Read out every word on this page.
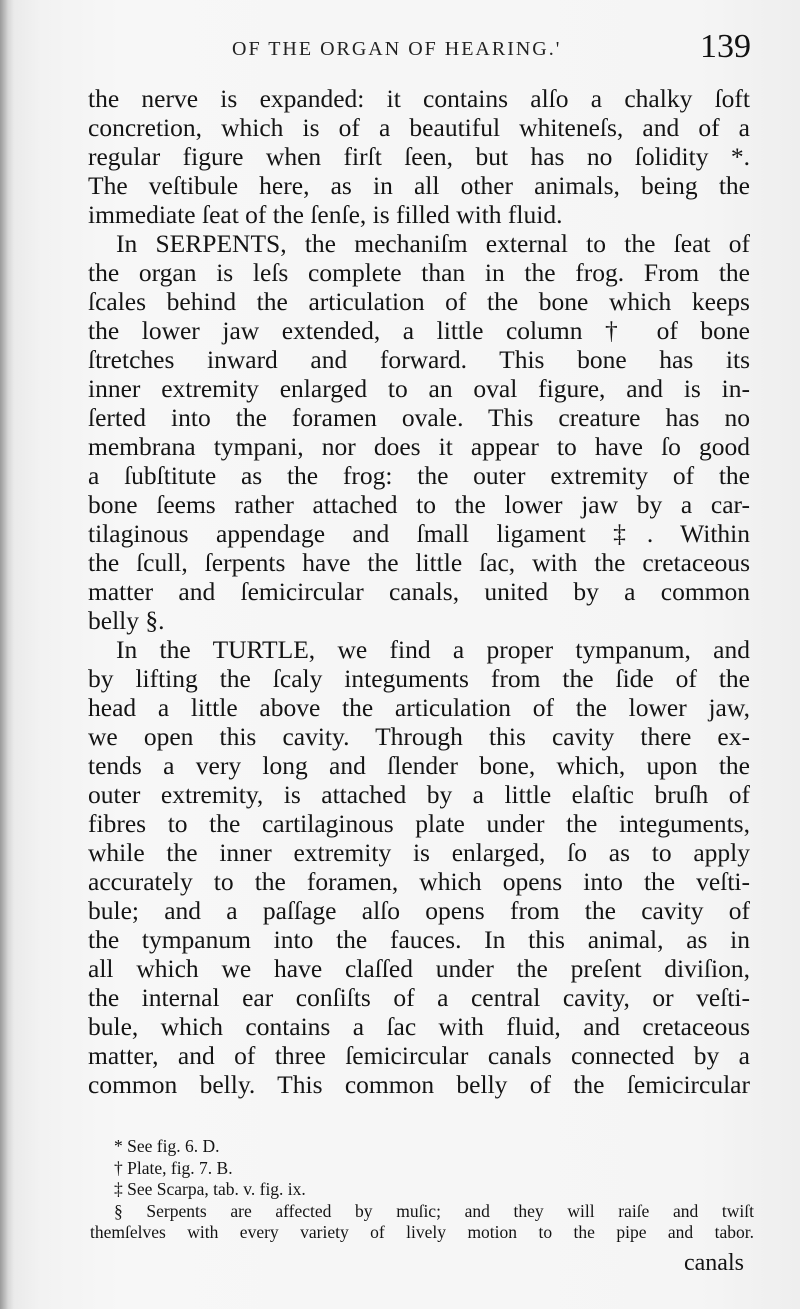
OF THE ORGAN OF HEARING.'	139
the nerve is expanded: it contains alſo a chalky ſoft
concretion, which is of a beautiful whiteneſs, and of a
regular figure when firſt ſeen, but has no ſolidity *.
The veſtibule here, as in all other animals, being the
immediate ſeat of the ſenſe, is filled with fluid.
In SERPENTS, the mechaniſm external to the ſeat of
the organ is leſs complete than in the frog. From the
ſcales behind the articulation of the bone which keeps
the lower jaw extended, a little column † of bone
ſtretches inward and forward. This bone has its
inner extremity enlarged to an oval figure, and is in-
ſerted into the foramen ovale. This creature has no
membrana tympani, nor does it appear to have ſo good
a ſubſtitute as the frog: the outer extremity of the
bone ſeems rather attached to the lower jaw by a car-
tilaginous appendage and ſmall ligament ‡. Within
the ſcull, ſerpents have the little ſac, with the cretaceous
matter and ſemicircular canals, united by a common
belly §.
In the TURTLE, we find a proper tympanum, and
by lifting the ſcaly integuments from the ſide of the
head a little above the articulation of the lower jaw,
we open this cavity. Through this cavity there ex-
tends a very long and ſlender bone, which, upon the
outer extremity, is attached by a little elaſtic bruſh of
fibres to the cartilaginous plate under the integuments,
while the inner extremity is enlarged, ſo as to apply
accurately to the foramen, which opens into the veſti-
bule; and a paſſage alſo opens from the cavity of
the tympanum into the fauces. In this animal, as in
all which we have claſſed under the preſent diviſion,
the internal ear conſiſts of a central cavity, or veſti-
bule, which contains a ſac with fluid, and cretaceous
matter, and of three ſemicircular canals connected by a
common belly. This common belly of the ſemicircular
* See fig. 6. D.
† Plate, fig. 7. B.
‡ See Scarpa, tab. v. fig. ix.
§ Serpents are affected by muſic; and they will raiſe and twiſt
themſelves with every variety of lively motion to the pipe and tabor.
canals
